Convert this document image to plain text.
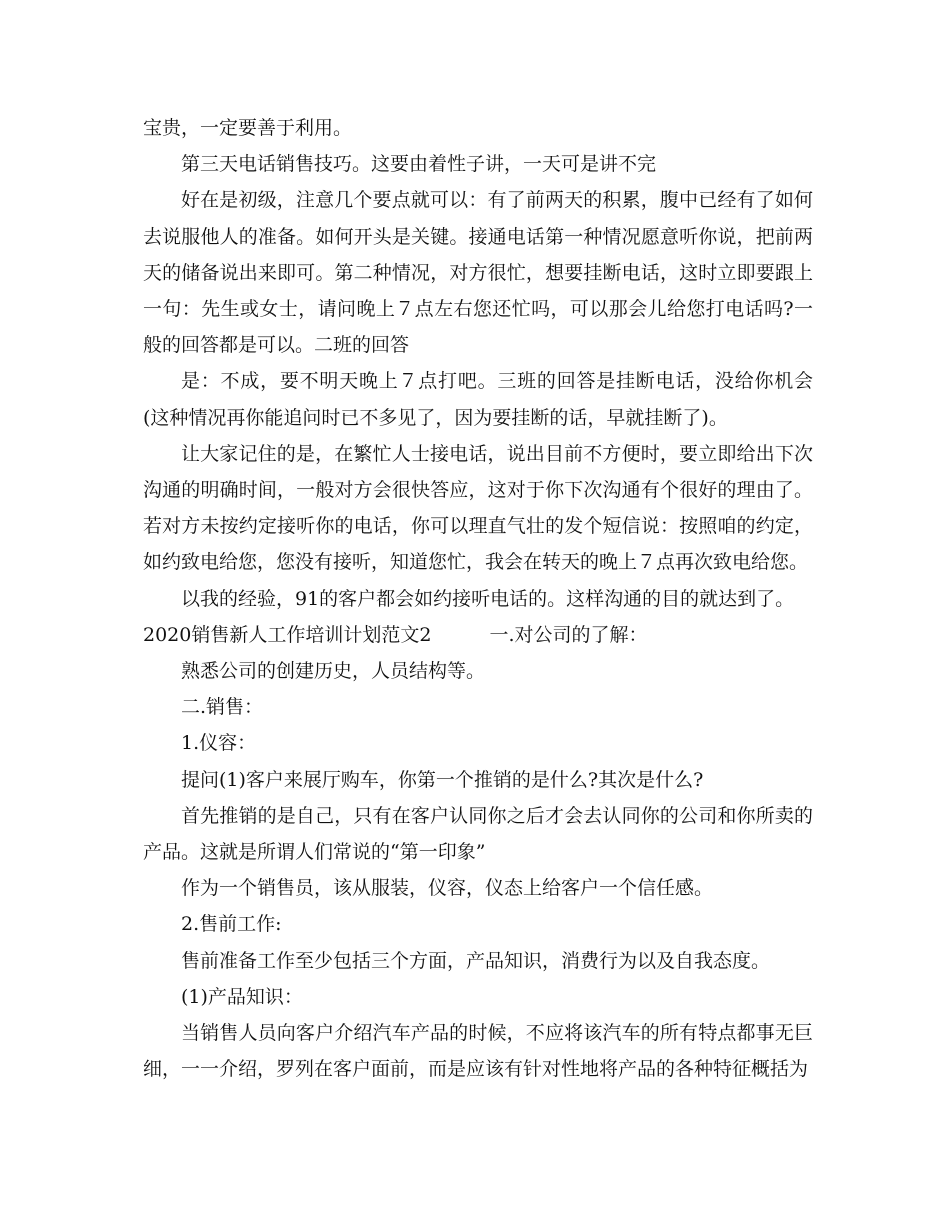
宝贵，一定要善于利用。

第三天电话销售技巧。这要由着性子讲，一天可是讲不完

好在是初级，注意几个要点就可以：有了前两天的积累，腹中已经有了如何去说服他人的准备。如何开头是关键。接通电话第一种情况愿意听你说，把前两天的储备说出来即可。第二种情况，对方很忙，想要挂断电话，这时立即要跟上一句：先生或女士，请问晚上７点左右您还忙吗，可以那会儿给您打电话吗?一般的回答都是可以。二班的回答

是：不成，要不明天晚上７点打吧。三班的回答是挂断电话，没给你机会(这种情况再你能追问时已不多见了，因为要挂断的话，早就挂断了)。

让大家记住的是，在繁忙人士接电话，说出目前不方便时，要立即给出下次沟通的明确时间，一般对方会很快答应，这对于你下次沟通有个很好的理由了。若对方未按约定接听你的电话，你可以理直气壮的发个短信说：按照咱的约定，如约致电给您，您没有接听，知道您忙，我会在转天的晚上７点再次致电给您。

以我的经验，91的客户都会如约接听电话的。这样沟通的目的就达到了。

2020销售新人工作培训计划范文2	一.对公司的了解：

熟悉公司的创建历史，人员结构等。

二.销售：

1.仪容：

提问(1)客户来展厅购车，你第一个推销的是什么?其次是什么?

首先推销的是自己，只有在客户认同你之后才会去认同你的公司和你所卖的产品。这就是所谓人们常说的“第一印象”

作为一个销售员，该从服装，仪容，仪态上给客户一个信任感。

2.售前工作:

售前准备工作至少包括三个方面，产品知识，消费行为以及自我态度。

(1)产品知识：

当销售人员向客户介绍汽车产品的时候，不应将该汽车的所有特点都事无巨细，一一介绍，罗列在客户面前，而是应该有针对性地将产品的各种特征概括为
